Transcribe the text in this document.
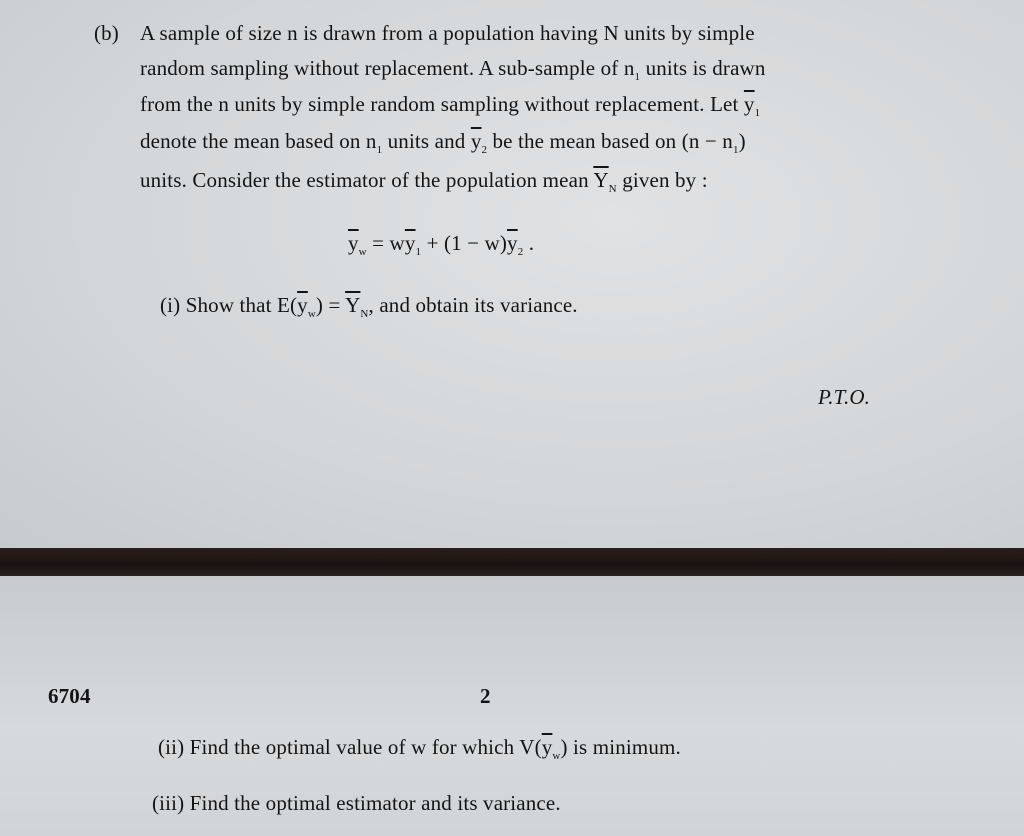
(b) A sample of size n is drawn from a population having N units by simple
random sampling without replacement. A sub-sample of $n_1$ units is drawn
from the n units by simple random sampling without replacement. Let $\overline{y}_1$
denote the mean based on $n_1$ units and $\overline{y}_2$ be the mean based on $(n - n_1)$
units. Consider the estimator of the population mean $\overline{Y}_N$ given by :
$\overline{y}_w = w\overline{y}_1 + (1 - w)\overline{y}_2$ .
(i) Show that $E(\overline{y}_w) = \overline{Y}_N$, and obtain its variance.
P.T.O.
6704	2
(ii) Find the optimal value of w for which $V(\overline{y}_w)$ is minimum.
(iii) Find the optimal estimator and its variance.
